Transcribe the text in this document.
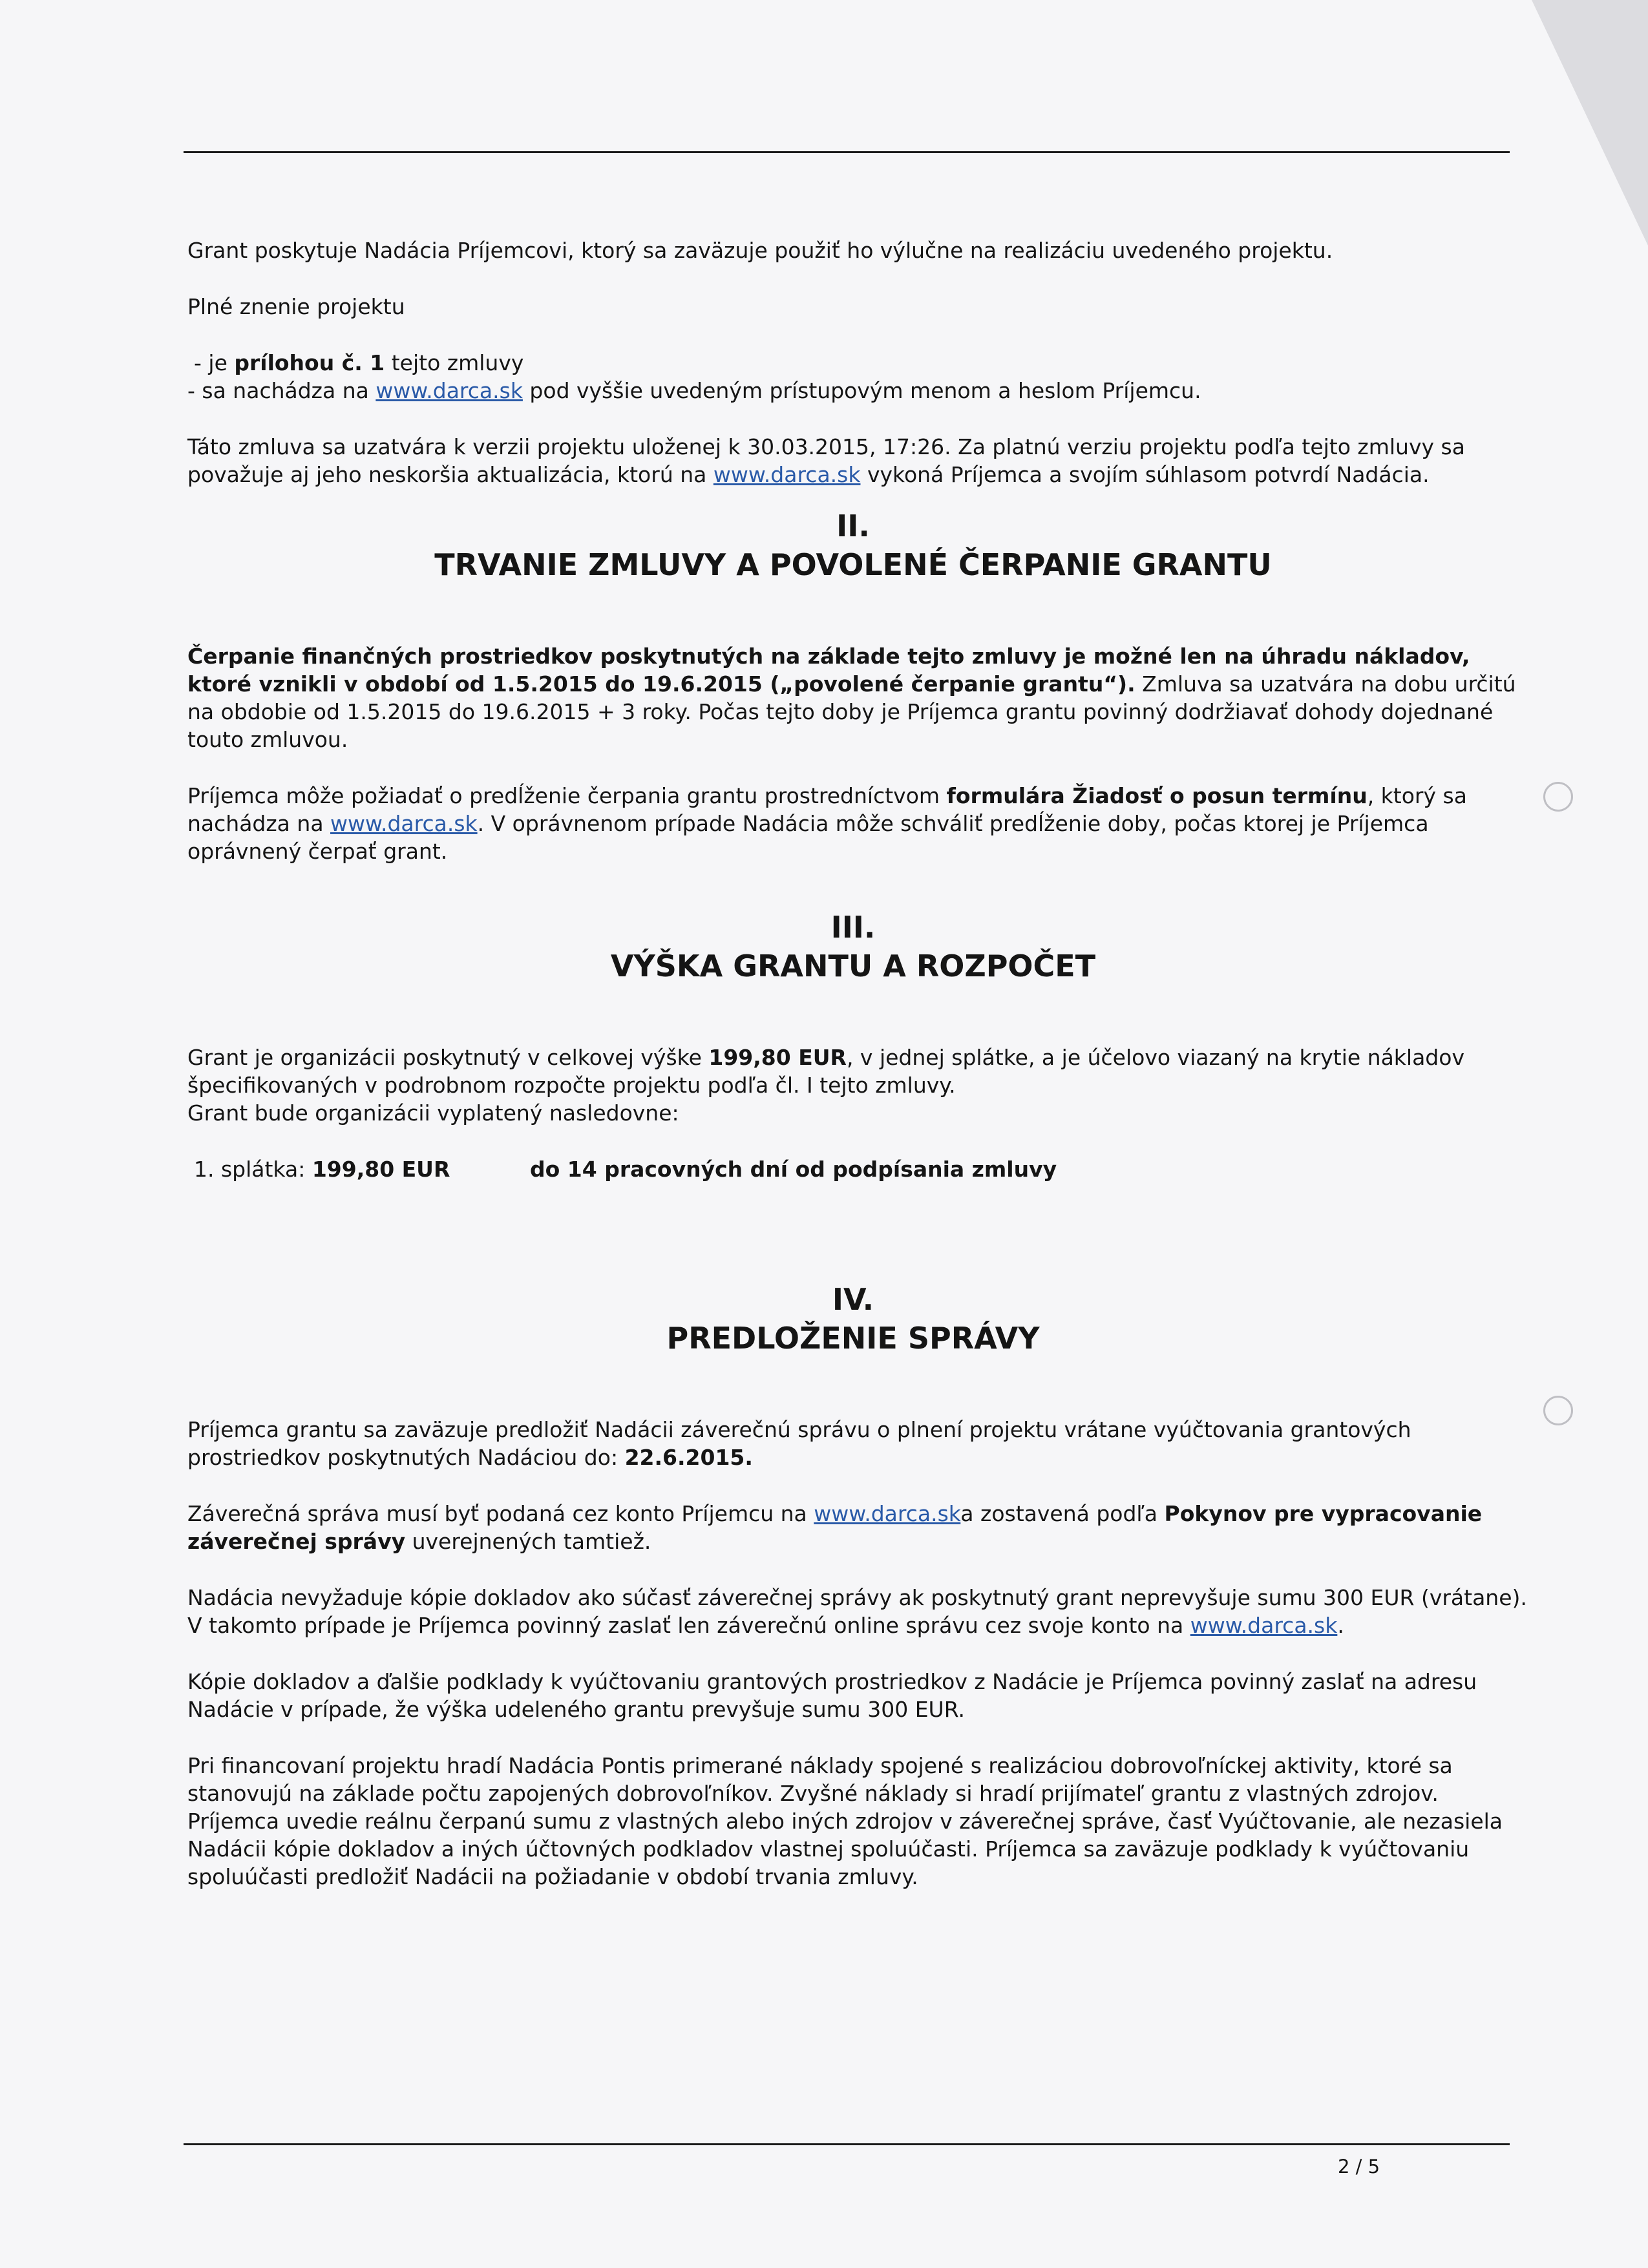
Grant poskytuje Nadácia Príjemcovi, ktorý sa zaväzuje použiť ho výlučne na realizáciu uvedeného projektu.

Plné znenie projektu

- je prílohou č. 1 tejto zmluvy

- sa nachádza na www.darca.sk pod vyššie uvedeným prístupovým menom a heslom Príjemcu.

Táto zmluva sa uzatvára k verzii projektu uloženej k 30.03.2015, 17:26. Za platnú verziu projektu podľa tejto zmluvy sa považuje aj jeho neskoršia aktualizácia, ktorú na www.darca.sk vykoná Príjemca a svojím súhlasom potvrdí Nadácia.

II.

TRVANIE ZMLUVY A POVOLENÉ ČERPANIE GRANTU

Čerpanie finančných prostriedkov poskytnutých na základe tejto zmluvy je možné len na úhradu nákladov, ktoré vznikli v období od 1.5.2015 do 19.6.2015 („povolené čerpanie grantu“). Zmluva sa uzatvára na dobu určitú na obdobie od 1.5.2015 do 19.6.2015 + 3 roky. Počas tejto doby je Príjemca grantu povinný dodržiavať dohody dojednané touto zmluvou.

Príjemca môže požiadať o predĺženie čerpania grantu prostredníctvom formulára Žiadosť o posun termínu, ktorý sa nachádza na www.darca.sk. V oprávnenom prípade Nadácia môže schváliť predĺženie doby, počas ktorej je Príjemca oprávnený čerpať grant.

III.

VÝŠKA GRANTU A ROZPOČET

Grant je organizácii poskytnutý v celkovej výške 199,80 EUR, v jednej splátke, a je účelovo viazaný na krytie nákladov špecifikovaných v podrobnom rozpočte projektu podľa čl. I tejto zmluvy.

Grant bude organizácii vyplatený nasledovne:

1. splátka: 199,80 EUR	do 14 pracovných dní od podpísania zmluvy

IV.

PREDLOŽENIE SPRÁVY

Príjemca grantu sa zaväzuje predložiť Nadácii záverečnú správu o plnení projektu vrátane vyúčtovania grantových prostriedkov poskytnutých Nadáciou do: 22.6.2015.

Záverečná správa musí byť podaná cez konto Príjemcu na www.darca.ska zostavená podľa Pokynov pre vypracovanie záverečnej správy uverejnených tamtiež.

Nadácia nevyžaduje kópie dokladov ako súčasť záverečnej správy ak poskytnutý grant neprevyšuje sumu 300 EUR (vrátane). V takomto prípade je Príjemca povinný zaslať len záverečnú online správu cez svoje konto na www.darca.sk.

Kópie dokladov a ďalšie podklady k vyúčtovaniu grantových prostriedkov z Nadácie je Príjemca povinný zaslať na adresu Nadácie v prípade, že výška udeleného grantu prevyšuje sumu 300 EUR.

Pri financovaní projektu hradí Nadácia Pontis primerané náklady spojené s realizáciou dobrovoľníckej aktivity, ktoré sa stanovujú na základe počtu zapojených dobrovoľníkov. Zvyšné náklady si hradí prijímateľ grantu z vlastných zdrojov. Príjemca uvedie reálnu čerpanú sumu z vlastných alebo iných zdrojov v záverečnej správe, časť Vyúčtovanie, ale nezasiela Nadácii kópie dokladov a iných účtovných podkladov vlastnej spoluúčasti. Príjemca sa zaväzuje podklady k vyúčtovaniu spoluúčasti predložiť Nadácii na požiadanie v období trvania zmluvy.

2 / 5
